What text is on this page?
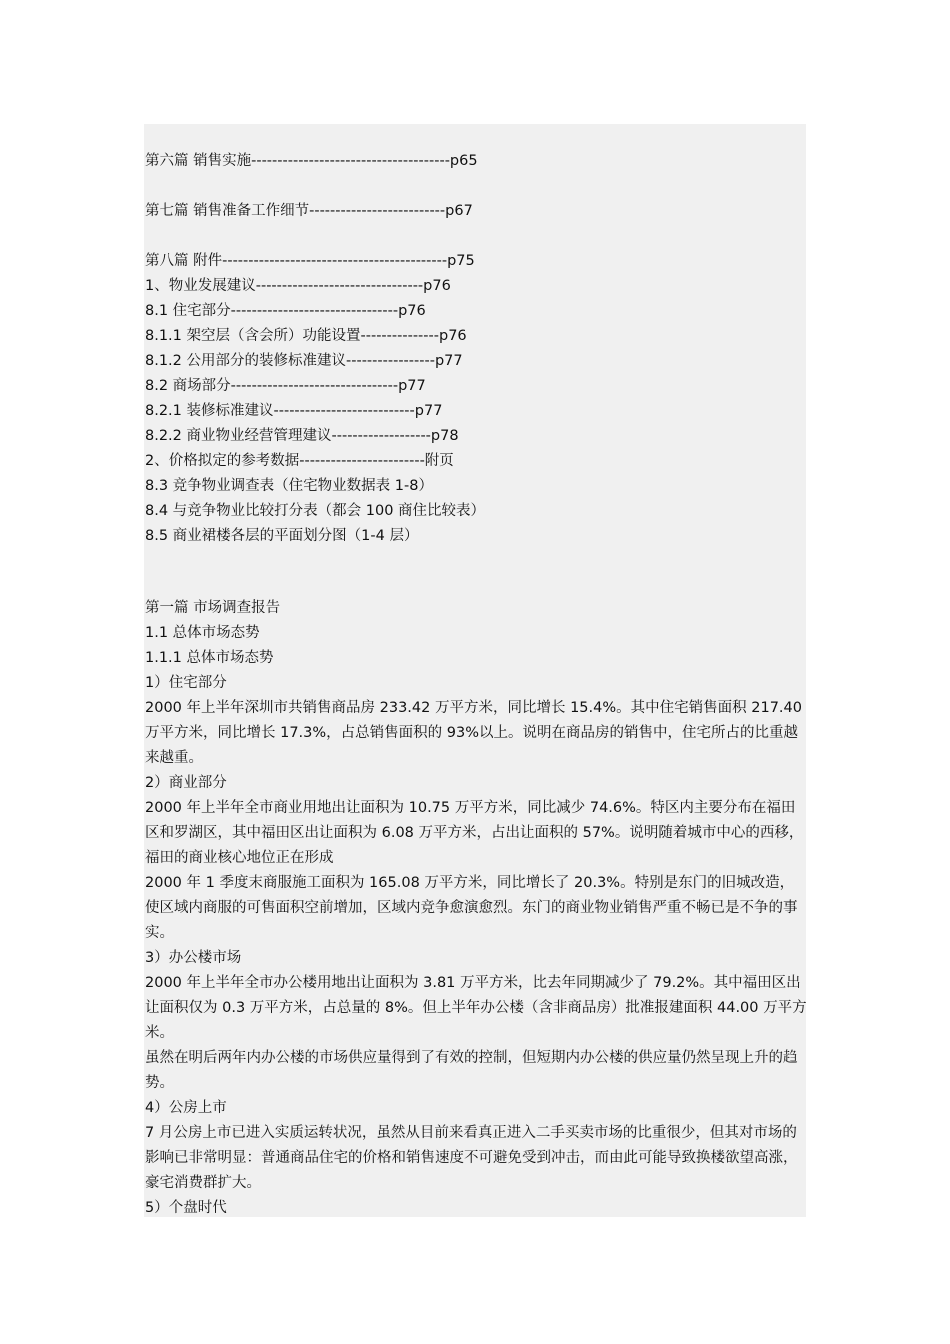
第六篇 销售实施--------------------------------------p65
第七篇 销售准备工作细节--------------------------p67
第八篇 附件-------------------------------------------p75
1、物业发展建议--------------------------------p76
8.1 住宅部分--------------------------------p76
8.1.1 架空层（含会所）功能设置---------------p76
8.1.2 公用部分的装修标准建议-----------------p77
8.2 商场部分--------------------------------p77
8.2.1 装修标准建议---------------------------p77
8.2.2 商业物业经营管理建议-------------------p78
2、价格拟定的参考数据------------------------附页
8.3 竞争物业调查表（住宅物业数据表 1-8）
8.4 与竞争物业比较打分表（都会 100 商住比较表）
8.5 商业裙楼各层的平面划分图（1-4 层）
第一篇 市场调查报告
1.1 总体市场态势
1.1.1 总体市场态势
1）住宅部分
2000 年上半年深圳市共销售商品房 233.42 万平方米，同比增长 15.4%。其中住宅销售面积 217.40 万平方米，同比增长 17.3%，占总销售面积的 93%以上。说明在商品房的销售中，住宅所占的比重越来越重。
2）商业部分
2000 年上半年全市商业用地出让面积为 10.75 万平方米，同比减少 74.6%。特区内主要分布在福田区和罗湖区，其中福田区出让面积为 6.08 万平方米，占出让面积的 57%。说明随着城市中心的西移，福田的商业核心地位正在形成
2000 年 1 季度末商服施工面积为 165.08 万平方米，同比增长了 20.3%。特别是东门的旧城改造，使区域内商服的可售面积空前增加，区域内竞争愈演愈烈。东门的商业物业销售严重不畅已是不争的事实。
3）办公楼市场
2000 年上半年全市办公楼用地出让面积为 3.81 万平方米，比去年同期减少了 79.2%。其中福田区出让面积仅为 0.3 万平方米，占总量的 8%。但上半年办公楼（含非商品房）批准报建面积 44.00 万平方米。
虽然在明后两年内办公楼的市场供应量得到了有效的控制，但短期内办公楼的供应量仍然呈现上升的趋势。
4）公房上市
7 月公房上市已进入实质运转状况，虽然从目前来看真正进入二手买卖市场的比重很少，但其对市场的影响已非常明显：普通商品住宅的价格和销售速度不可避免受到冲击，而由此可能导致换楼欲望高涨，豪宅消费群扩大。
5）个盘时代
